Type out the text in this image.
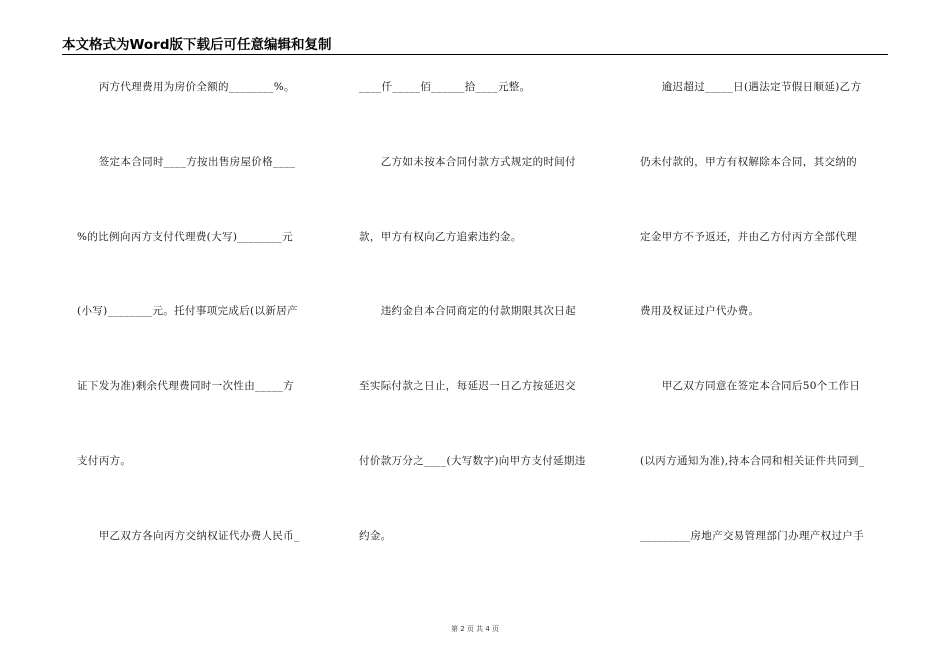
本文格式为Word版下载后可任意编辑和复制
　　丙方代理费用为房价全额的________%。
　　签定本合同时____方按出售房屋价格____
%的比例向丙方支付代理费(大写)________元
(小写)________元。托付事项完成后(以新居产
证下发为准)剩余代理费同时一次性由_____方
支付丙方。
　　甲乙双方各向丙方交纳权证代办费人民币_
____仟_____佰______拾____元整。
　　乙方如未按本合同付款方式规定的时间付
款，甲方有权向乙方追索违约金。
　　违约金自本合同商定的付款期限其次日起
至实际付款之日止，每延迟一日乙方按延迟交
付价款万分之____(大写数字)向甲方支付延期违
约金。
　　逾迟超过_____日(遇法定节假日顺延)乙方
仍未付款的，甲方有权解除本合同，其交纳的
定金甲方不予返还，并由乙方付丙方全部代理
费用及权证过户代办费。
　　甲乙双方同意在签定本合同后50个工作日
(以丙方通知为准),持本合同和相关证件共同到_
_________房地产交易管理部门办理产权过户手
第 2 页 共 4 页
